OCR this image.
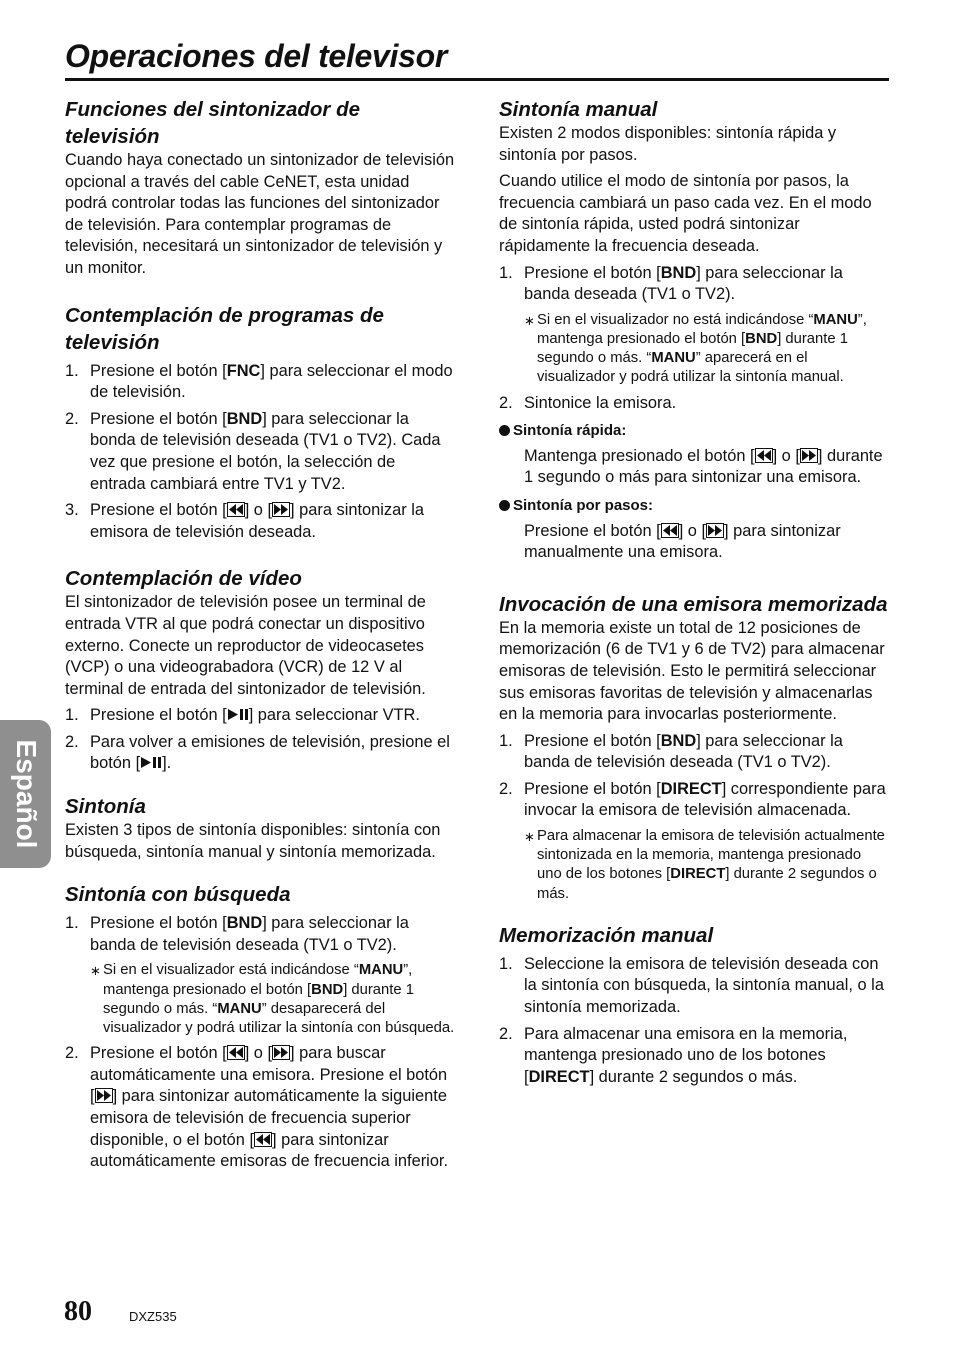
Operaciones del televisor
Funciones del sintonizador de televisión

Cuando haya conectado un sintonizador de televisión opcional a través del cable CeNET, esta unidad podrá controlar todas las funciones del sintonizador de televisión. Para contemplar programas de televisión, necesitará un sintonizador de televisión y un monitor.

Contemplación de programas de televisión
1. Presione el botón [FNC] para seleccionar el modo de televisión.
2. Presione el botón [BND] para seleccionar la bonda de televisión deseada (TV1 o TV2). Cada vez que presione el botón, la selección de entrada cambiará entre TV1 y TV2.
3. Presione el botón [ ] o [ ] para sintonizar la emisora de televisión deseada.
Contemplación de vídeo

El sintonizador de televisión posee un terminal de entrada VTR al que podrá conectar un dispositivo externo. Conecte un reproductor de videocasetes (VCP) o una videograbadora (VCR) de 12 V al terminal de entrada del sintonizador de televisión.

1. Presione el botón [ ] para seleccionar VTR.
2. Para volver a emisiones de televisión, presione el botón [ ].
Sintonía

Existen 3 tipos de sintonía disponibles: sintonía con búsqueda, sintonía manual y sintonía memorizada.

Sintonía con búsqueda
1. Presione el botón [BND] para seleccionar la banda de televisión deseada (TV1 o TV2).
∗ Si en el visualizador está indicándose “MANU”, mantenga presionado el botón [BND] durante 1 segundo o más. “MANU” desaparecerá del visualizador y podrá utilizar la sintonía con búsqueda.
2. Presione el botón [ ] o [ ] para buscar automáticamente una emisora. Presione el botón [ ] para sintonizar automáticamente la siguiente emisora de televisión de frecuencia superior disponible, o el botón [ ] para sintonizar automáticamente emisoras de frecuencia inferior.
Sintonía manual

Existen 2 modos disponibles: sintonía rápida y sintonía por pasos.

Cuando utilice el modo de sintonía por pasos, la frecuencia cambiará un paso cada vez. En el modo de sintonía rápida, usted podrá sintonizar rápidamente la frecuencia deseada.

1. Presione el botón [BND] para seleccionar la banda deseada (TV1 o TV2).
∗ Si en el visualizador no está indicándose “MANU”, mantenga presionado el botón [BND] durante 1 segundo o más. “MANU” aparecerá en el visualizador y podrá utilizar la sintonía manual.
2. Sintonice la emisora.
Sintonía rápida:
Mantenga presionado el botón [ ] o [ ] durante 1 segundo o más para sintonizar una emisora.
Sintonía por pasos:
Presione el botón [ ] o [ ] para sintonizar manualmente una emisora.
Invocación de una emisora memorizada

En la memoria existe un total de 12 posiciones de memorización (6 de TV1 y 6 de TV2) para almacenar emisoras de televisión. Esto le permitirá seleccionar sus emisoras favoritas de televisión y almacenarlas en la memoria para invocarlas posteriormente.

1. Presione el botón [BND] para seleccionar la banda de televisión deseada (TV1 o TV2).
2. Presione el botón [DIRECT] correspondiente para invocar la emisora de televisión almacenada.
∗ Para almacenar la emisora de televisión actualmente sintonizada en la memoria, mantenga presionado uno de los botones [DIRECT] durante 2 segundos o más.
Memorización manual
1. Seleccione la emisora de televisión deseada con la sintonía con búsqueda, la sintonía manual, o la sintonía memorizada.
2. Para almacenar una emisora en la memoria, mantenga presionado uno de los botones [DIRECT] durante 2 segundos o más.
Español
80	DXZ535
